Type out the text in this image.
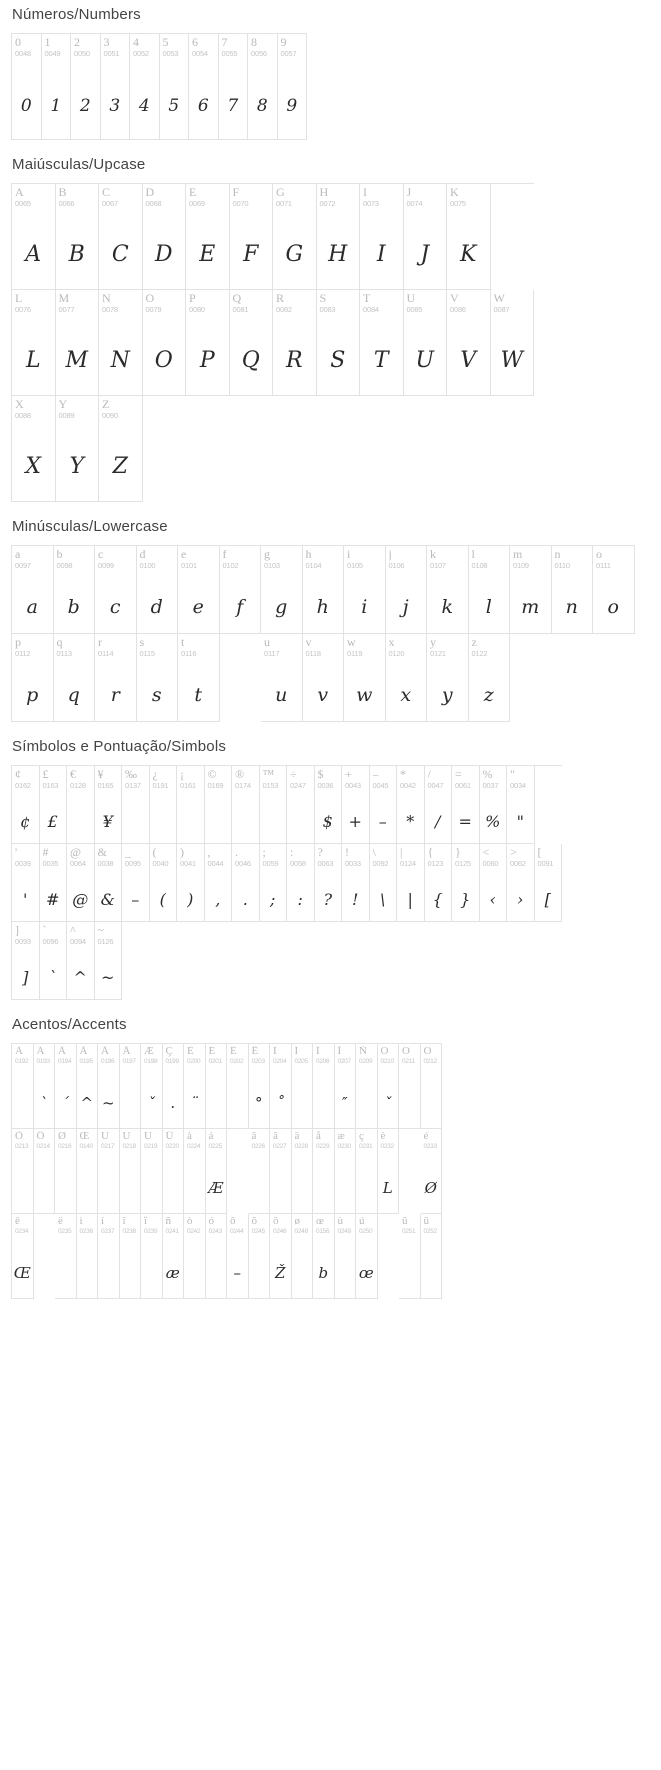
Números/Numbers
0
0048
0
1
0049
1
2
0050
2
3
0051
3
4
0052
4
5
0053
5
6
0054
6
7
0055
7
8
0056
8
9
0057
9
Maiúsculas/Upcase
A
0065
A
B
0066
B
C
0067
C
D
0068
D
E
0069
E
F
0070
F
G
0071
G
H
0072
H
I
0073
I
J
0074
J
K
0075
K
L
0076
L
M
0077
M
N
0078
N
O
0079
O
P
0080
P
Q
0081
Q
R
0082
R
S
0083
S
T
0084
T
U
0085
U
V
0086
V
W
0087
W
X
0088
X
Y
0089
Y
Z
0090
Z
Minúsculas/Lowercase
a
0097
a
b
0098
b
c
0099
c
d
0100
d
e
0101
e
f
0102
f
g
0103
g
h
0104
h
i
0105
i
j
0106
j
k
0107
k
l
0108
l
m
0109
m
n
0110
n
o
0111
o
p
0112
p
q
0113
q
r
0114
r
s
0115
s
t
0116
t
u
0117
u
v
0118
v
w
0119
w
x
0120
x
y
0121
y
z
0122
z
Símbolos e Pontuação/Simbols
¢
0162
¢
£
0163
£
€
0128
¥
0165
¥
‰
0137
¿
0191
¡
0161
©
0169
®
0174
™
0153
÷
0247
$
0036
$
+
0043
+
–
0045
–
*
0042
*
/
0047
/
=
0061
=
%
0037
%
"
0034
"
'
0039
'
#
0035
#
@
0064
@
&
0038
&
_
0095
–
(
0040
(
)
0041
)
,
0044
,
.
0046
.
;
0059
;
:
0058
:
?
0063
?
!
0033
!
\
0092
\
|
0124
|
{
0123
{
}
0125
}
<
0060
‹
>
0062
›
[
0091
[
]
0093
]
`
0096
`
^
0094
^
~
0126
~
Acentos/Accents
À
0192
Á
0193
`
Â
0194
´
Ã
0195
^
Ä
0196
~
Å
0197
Æ
0198
ˇ
Ç
0199
.
È
0200
¨
É
0201
Ê
0202
Ë
0203
°
Ì
0204
˚
Í
0205
Î
0206
Ï
0207
″
Ñ
0209
Ò
0210
ˇ
Ó
0211
Ô
0212
Õ
0213
Ö
0214
Ø
0216
Œ
0140
Ù
0217
Ú
0218
Û
0219
Ü
0220
à
0224
á
0225
Æ
â
0226
ã
0227
ä
0228
å
0229
æ
0230
ç
0231
è
0232
L
é
0233
Ø
ê
0234
Œ
ë
0235
ì
0236
í
0237
î
0238
ï
0239
ñ
0241
æ
ò
0242
ó
0243
ô
0244
–
õ
0245
ö
0246
Ž
ø
0248
œ
0156
b
ù
0249
ú
0250
œ
û
0251
ü
0252
